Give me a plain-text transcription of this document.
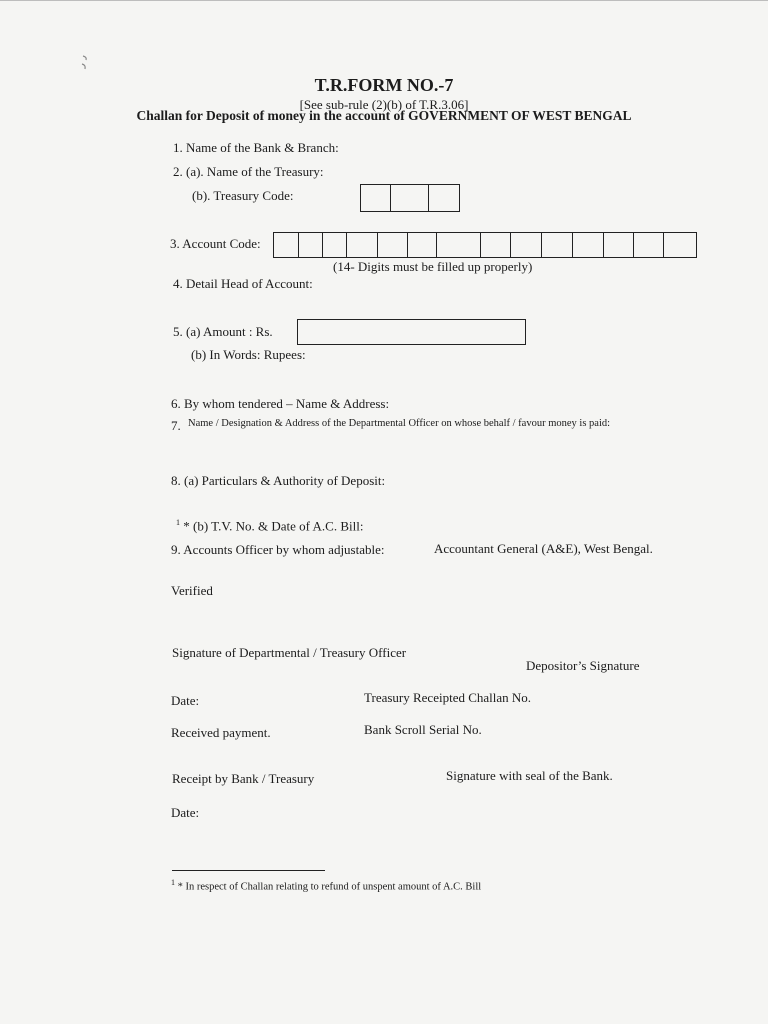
T.R.FORM NO.-7
[See sub-rule (2)(b) of T.R.3.06]
Challan for Deposit of money in the account of GOVERNMENT OF WEST BENGAL
1. Name of the Bank & Branch:
2. (a). Name of the Treasury:
(b). Treasury Code:
3. Account Code:
(14- Digits must be filled up properly)
4. Detail Head of Account:
5. (a) Amount : Rs.
(b) In Words: Rupees:
6. By whom tendered – Name & Address:
7. Name / Designation & Address of the Departmental Officer on whose behalf / favour money is paid:
8. (a) Particulars & Authority of Deposit:
$^1$ * (b) T.V. No. & Date of A.C. Bill:
9. Accounts Officer by whom adjustable:	Accountant General (A&E), West Bengal.
Verified
Signature of Departmental / Treasury Officer
Depositor’s Signature
Date:	Treasury Receipted Challan No.
Received payment.	Bank Scroll Serial No.
Receipt by Bank / Treasury	Signature with seal of the Bank.
Date:
$^1$ * In respect of Challan relating to refund of unspent amount of A.C. Bill
